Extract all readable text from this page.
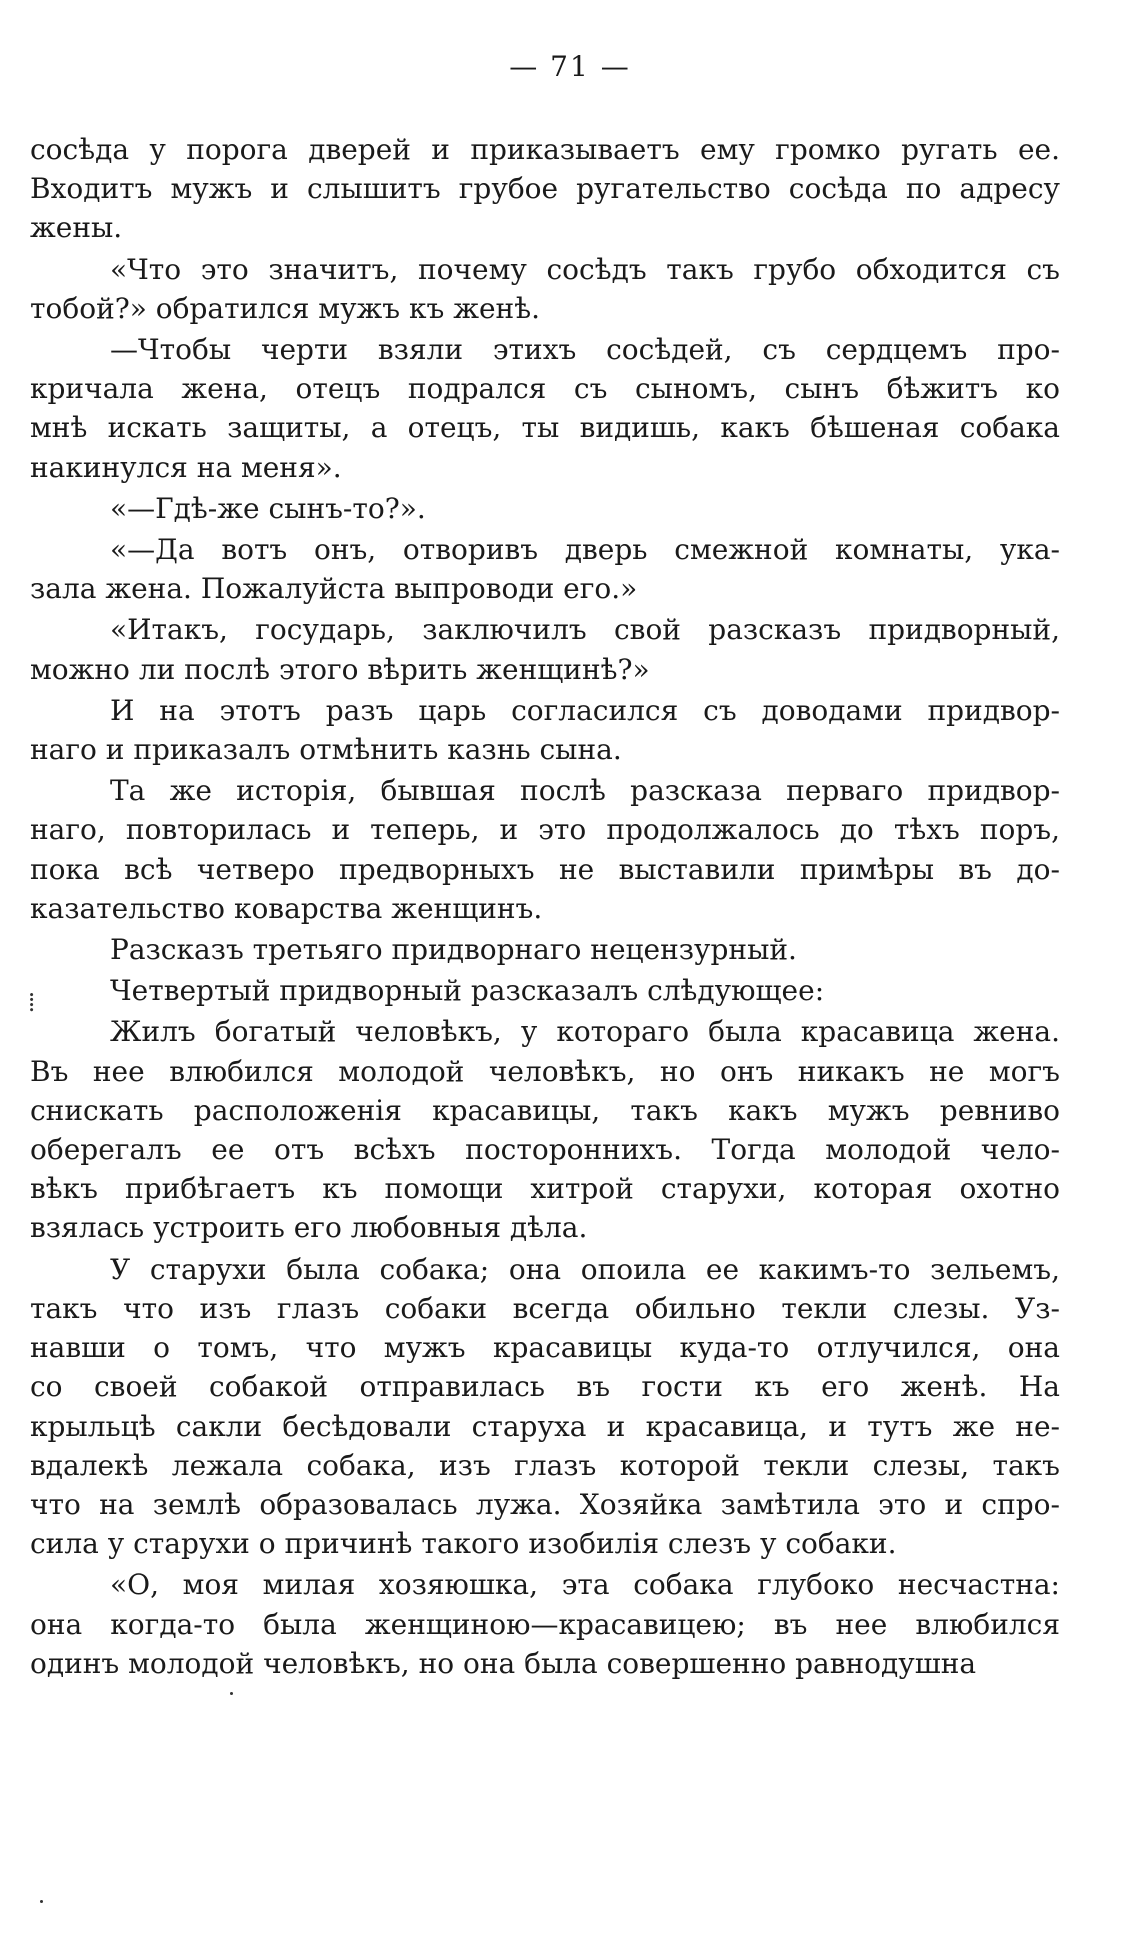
— 71 —
⁞
сосѣда у порога дверей и приказываетъ ему громко ругать ее.
Входитъ мужъ и слышитъ грубое ругательство сосѣда по адресу
жены.
«Что это значитъ, почему сосѣдъ такъ грубо обходится съ
тобой?» обратился мужъ къ женѣ.
—Чтобы черти взяли этихъ сосѣдей, съ сердцемъ про-
кричала жена, отецъ подрался съ сыномъ, сынъ бѣжитъ ко
мнѣ искать защиты, а отецъ, ты видишь, какъ бѣшеная собака
накинулся на меня».
«—Гдѣ-же сынъ-то?».
«—Да вотъ онъ, отворивъ дверь смежной комнаты, ука-
зала жена. Пожалуйста выпроводи его.»
«Итакъ, государь, заключилъ свой разсказъ придворный,
можно ли послѣ этого вѣрить женщинѣ?»
И на этотъ разъ царь согласился съ доводами придвор-
наго и приказалъ отмѣнить казнь сына.
Та же исторія, бывшая послѣ разсказа перваго придвор-
наго, повторилась и теперь, и это продолжалось до тѣхъ поръ,
пока всѣ четверо предворныхъ не выставили примѣры въ до-
казательство коварства женщинъ.
Разсказъ третьяго придворнаго нецензурный.
Четвертый придворный разсказалъ слѣдующее:
Жилъ богатый человѣкъ, у котораго была красавица жена.
Въ нее влюбился молодой человѣкъ, но онъ никакъ не могъ
снискать расположенія красавицы, такъ какъ мужъ ревниво
оберегалъ ее отъ всѣхъ постороннихъ. Тогда молодой чело-
вѣкъ прибѣгаетъ къ помощи хитрой старухи, которая охотно
взялась устроить его любовныя дѣла.
У старухи была собака; она опоила ее какимъ-то зельемъ,
такъ что изъ глазъ собаки всегда обильно текли слезы. Уз-
навши о томъ, что мужъ красавицы куда-то отлучился, она
со своей собакой отправилась въ гости къ его женѣ. На
крыльцѣ сакли бесѣдовали старуха и красавица, и тутъ же не-
вдалекѣ лежала собака, изъ глазъ которой текли слезы, такъ
что на землѣ образовалась лужа. Хозяйка замѣтила это и спро-
сила у старухи о причинѣ такого изобилія слезъ у собаки.
«О, моя милая хозяюшка, эта собака глубоко несчастна:
она когда-то была женщиною—красавицею; въ нее влюбился
одинъ молодой человѣкъ, но она была совершенно равнодушна
